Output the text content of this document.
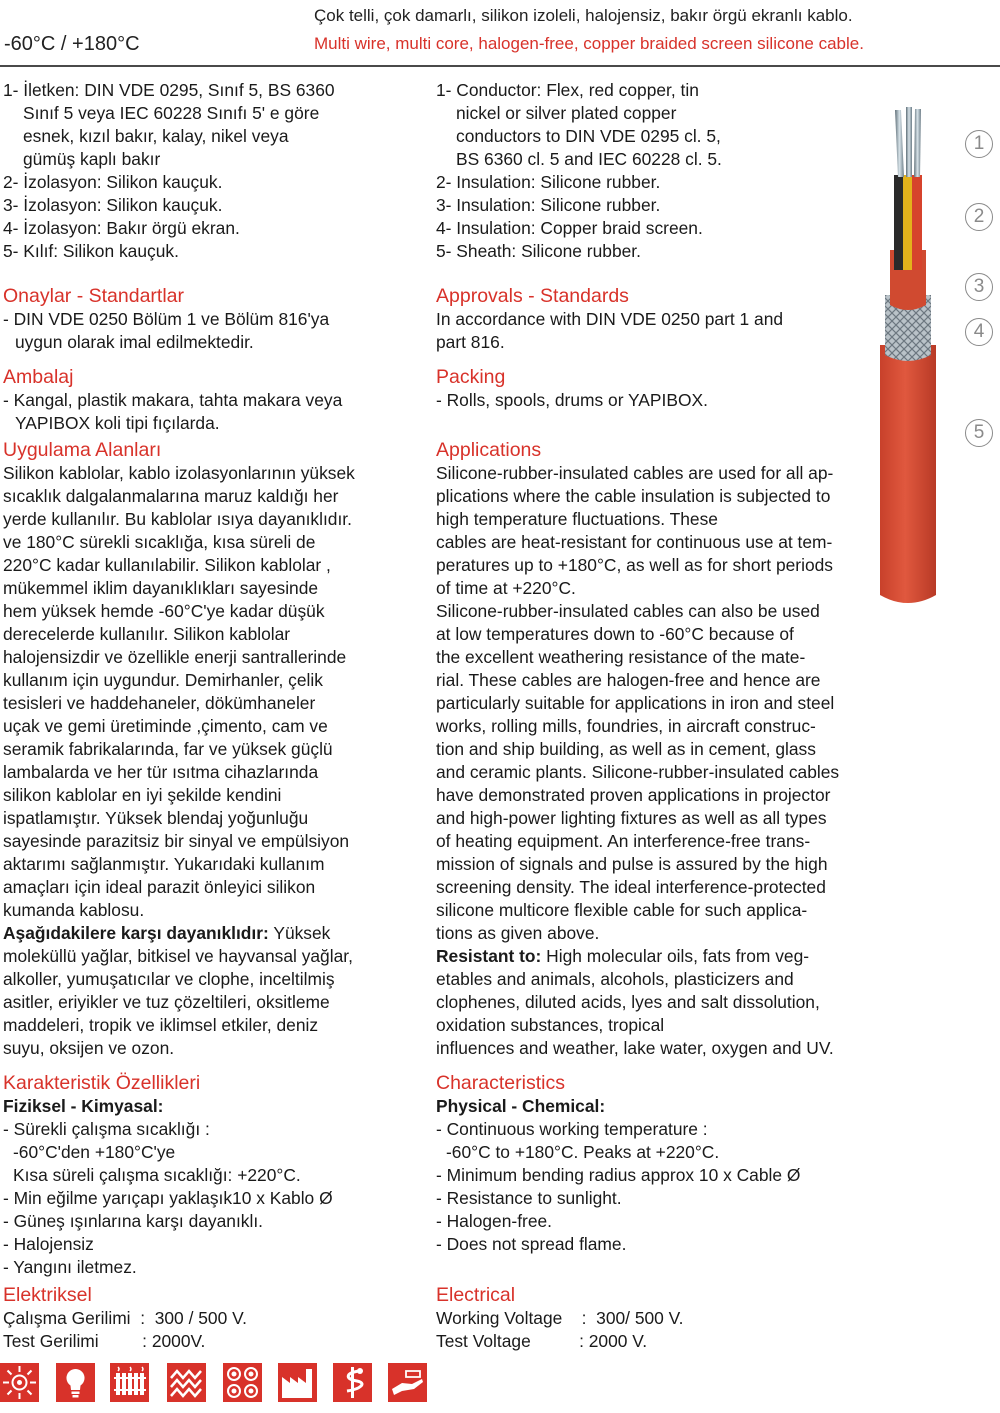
Çok telli, çok damarlı, silikon izoleli, halojensiz, bakır örgü ekranlı kablo.
Multi wire, multi core, halogen-free, copper braided screen silicone cable.
-60°C / +180°C

1- İletken: DIN VDE 0295, Sınıf 5, BS 6360

Sınıf 5 veya IEC 60228 Sınıfı 5' e göre

esnek, kızıl bakır, kalay, nikel veya

gümüş kaplı bakır

2- İzolasyon: Silikon kauçuk.

3- İzolasyon: Silikon kauçuk.

4- İzolasyon: Bakır örgü ekran.

5- Kılıf: Silikon kauçuk.

Onaylar - Standartlar

- DIN VDE 0250 Bölüm 1 ve Bölüm 816'ya

uygun olarak imal edilmektedir.

Ambalaj

- Kangal, plastik makara, tahta makara veya

YAPIBOX koli tipi fıçılarda.

Uygulama Alanları

Silikon kablolar, kablo izolasyonlarının yüksek

sıcaklık dalgalanmalarına maruz kaldığı her

yerde kullanılır. Bu kablolar ısıya dayanıklıdır.

ve 180°C sürekli sıcaklığa, kısa süreli de

220°C kadar kullanılabilir. Silikon kablolar ,

mükemmel iklim dayanıklıkları sayesinde

hem yüksek hemde -60°C'ye kadar düşük

derecelerde kullanılır. Silikon kablolar

halojensizdir ve özellikle enerji santrallerinde

kullanım için uygundur. Demirhanler, çelik

tesisleri ve haddehaneler, dökümhaneler

uçak ve gemi üretiminde ,çimento, cam ve

seramik fabrikalarında, far ve yüksek güçlü

lambalarda ve her tür ısıtma cihazlarında

silikon kablolar en iyi şekilde kendini

ispatlamıştır. Yüksek blendaj yoğunluğu

sayesinde parazitsiz bir sinyal ve empülsiyon

aktarımı sağlanmıştır. Yukarıdaki kullanım

amaçları için ideal parazit önleyici silikon

kumanda kablosu.

Aşağıdakilere karşı dayanıklıdır: Yüksek

moleküllü yağlar, bitkisel ve hayvansal yağlar,

alkoller, yumuşatıcılar ve clophe, inceltilmiş

asitler, eriyikler ve tuz çözeltileri, oksitleme

maddeleri, tropik ve iklimsel etkiler, deniz

suyu, oksijen ve ozon.

Karakteristik Özellikleri

Fiziksel - Kimyasal:

- Sürekli çalışma sıcaklığı :

-60°C'den +180°C'ye

Kısa süreli çalışma sıcaklığı: +220°C.

- Min eğilme yarıçapı yaklaşık10 x Kablo Ø

- Güneş ışınlarına karşı dayanıklı.

- Halojensiz

- Yangını iletmez.

Elektriksel
Çalışma Gerilimi : 300 / 500 V.
Test Gerilimi : 2000V.

1- Conductor: Flex, red copper, tin

nickel or silver plated copper

conductors to DIN VDE 0295 cl. 5,

BS 6360 cl. 5 and IEC 60228 cl. 5.

2- Insulation: Silicone rubber.

3- Insulation: Silicone rubber.

4- Insulation: Copper braid screen.

5- Sheath: Silicone rubber.

Approvals - Standards

In accordance with DIN VDE 0250 part 1 and

part 816.

Packing

- Rolls, spools, drums or YAPIBOX.

Applications

Silicone-rubber-insulated cables are used for all ap-

plications where the cable insulation is subjected to

high temperature fluctuations. These

cables are heat-resistant for continuous use at tem-

peratures up to +180°C, as well as for short periods

of time at +220°C.

Silicone-rubber-insulated cables can also be used

at low temperatures down to -60°C because of

the excellent weathering resistance of the mate-

rial. These cables are halogen-free and hence are

particularly suitable for applications in iron and steel

works, rolling mills, foundries, in aircraft construc-

tion and ship building, as well as in cement, glass

and ceramic plants. Silicone-rubber-insulated cables

have demonstrated proven applications in projector

and high-power lighting fixtures as well as all types

of heating equipment. An interference-free trans-

mission of signals and pulse is assured by the high

screening density. The ideal interference-protected

silicone multicore flexible cable for such applica-

tions as given above.

Resistant to: High molecular oils, fats from veg-

etables and animals, alcohols, plasticizers and

clophenes, diluted acids, lyes and salt dissolution,

oxidation substances, tropical

influences and weather, lake water, oxygen and UV.

Characteristics

Physical - Chemical:

- Continuous working temperature :

-60°C to +180°C. Peaks at +220°C.

- Minimum bending radius approx 10 x Cable Ø

- Resistance to sunlight.

- Halogen-free.

- Does not spread flame.

Electrical
Working Voltage : 300/ 500 V.
Test Voltage : 2000 V.
1
2
3
4
5
